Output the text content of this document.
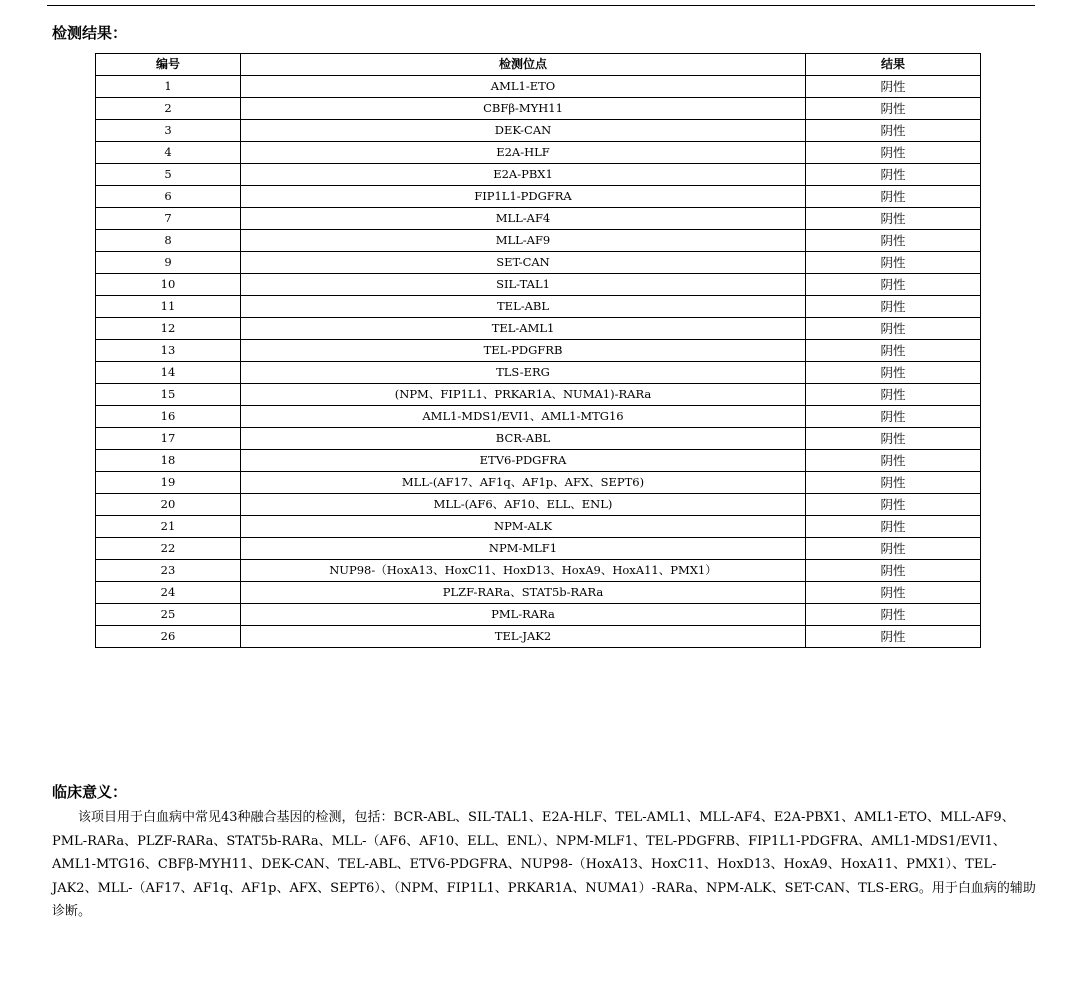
检测结果：
编号	检测位点	结果
1	AML1-ETO	阴性
2	CBFβ-MYH11	阴性
3	DEK-CAN	阴性
4	E2A-HLF	阴性
5	E2A-PBX1	阴性
6	FIP1L1-PDGFRA	阴性
7	MLL-AF4	阴性
8	MLL-AF9	阴性
9	SET-CAN	阴性
10	SIL-TAL1	阴性
11	TEL-ABL	阴性
12	TEL-AML1	阴性
13	TEL-PDGFRB	阴性
14	TLS-ERG	阴性
15	(NPM、FIP1L1、PRKAR1A、NUMA1)-RARa	阴性
16	AML1-MDS1/EVI1、AML1-MTG16	阴性
17	BCR-ABL	阴性
18	ETV6-PDGFRA	阴性
19	MLL-(AF17、AF1q、AF1p、AFX、SEPT6)	阴性
20	MLL-(AF6、AF10、ELL、ENL)	阴性
21	NPM-ALK	阴性
22	NPM-MLF1	阴性
23	NUP98-（HoxA13、HoxC11、HoxD13、HoxA9、HoxA11、PMX1）	阴性
24	PLZF-RARa、STAT5b-RARa	阴性
25	PML-RARa	阴性
26	TEL-JAK2	阴性
临床意义：
该项目用于白血病中常见43种融合基因的检测，包括：BCR-ABL、SIL-TAL1、E2A-HLF、TEL-AML1、MLL-AF4、E2A-PBX1、AML1-ETO、MLL-AF9、PML-RARa、PLZF-RARa、STAT5b-RARa、MLL-（AF6、AF10、ELL、ENL）、NPM-MLF1、TEL-PDGFRB、FIP1L1-PDGFRA、AML1-MDS1/EVI1、AML1-MTG16、CBFβ-MYH11、DEK-CAN、TEL-ABL、ETV6-PDGFRA、NUP98-（HoxA13、HoxC11、HoxD13、HoxA9、HoxA11、PMX1）、TEL-JAK2、MLL-（AF17、AF1q、AF1p、AFX、SEPT6）、（NPM、FIP1L1、PRKAR1A、NUMA1）-RARa、NPM-ALK、SET-CAN、TLS-ERG。用于白血病的辅助诊断。
